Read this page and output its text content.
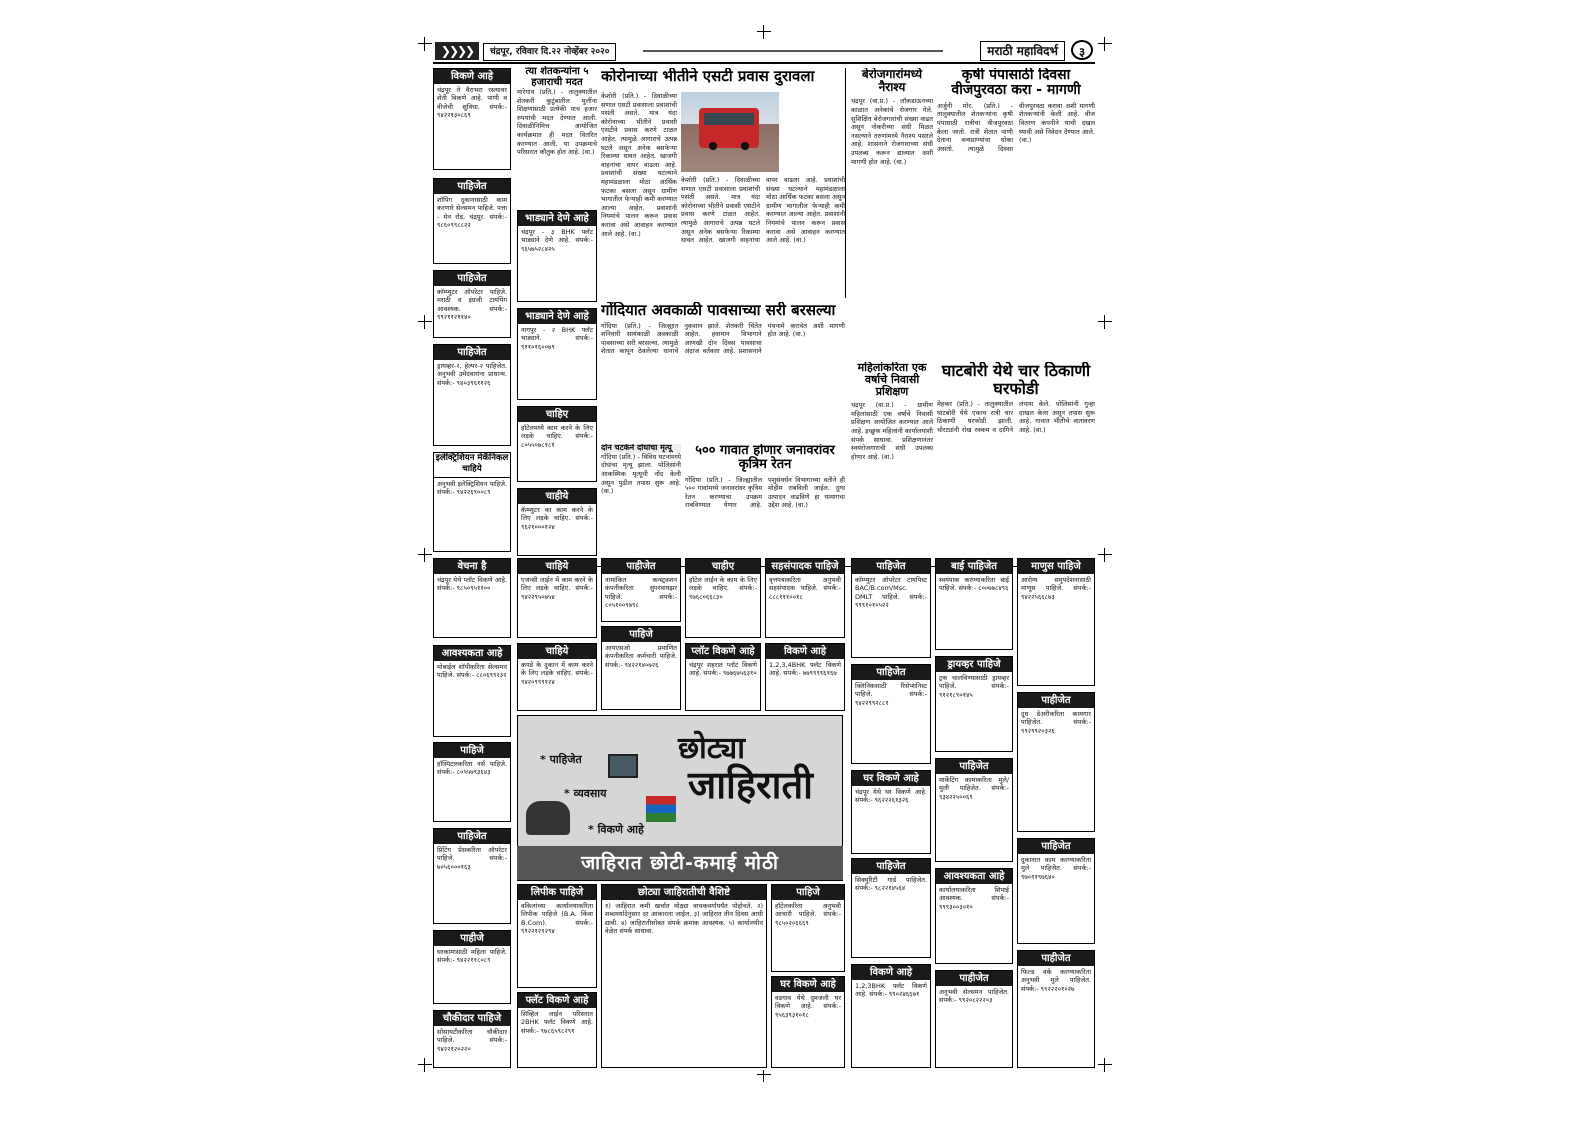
❯❯❯❯	चंद्रपूर, रविवार दि.२२ नोव्हेंबर २०२०	मराठी महाविदर्भ	३
विकणे आहे
चंद्रपूर ते वैराभरा रस्त्यावर शेती विकणे आहे. पाणी व वीजेची सुविधा. संपर्क:- ९४२२१३०८६९
पाहिजेत
शॉपिंग दुकानासाठी काम करणारे सेल्समन पाहिजे. पत्ता - मेन रोड, चंद्रपूर. संपर्क:- ९८६०९९८८२२
पाहिजेत
कॉम्प्युटर ऑपरेटर पाहिजे. मराठी व इंग्रजी टायपिंग आवश्यक. संपर्क:- ९९२११२११४०
पाहिजेत
ड्रायव्हर-२, हेल्पर-२ पाहिजेत. अनुभवी उमेदवारांना प्राधान्य. संपर्क:- ९४०३९६११२६
इलेक्ट्रिशियन मेकॅनिकल चाहिये
अनुभवी इलेक्ट्रिशियन पाहिजे. संपर्क:- ९४२२६९००८९
वेचना है
चंद्रपूर येथे प्लॉट विकणे आहे. संपर्क:- ९८५०९५११००
आवश्यकता आहे
मोबाईल शॉपीकरिता सेल्समन पाहिजे. संपर्क:- ८८०६९९२३२
पाहिजे
हॉस्पिटलकरिता नर्स पाहिजे. संपर्क:- ८०५५७९३६४३
पाहिजेत
प्रिंटिंग प्रेसकरिता ऑपरेटर पाहिजे. संपर्क:- ७०५६०००१६३
पाहीजे
घरकामासाठी महिला पाहिजे. संपर्क:- ९४२२११८०८९
चौकीदार पाहिजे
सोसायटीकरिता चौकीदार पाहिजे. संपर्क:- ९४२२१२०२२०
त्या शेतकन्यांना ५ हजाराची मदत
मारेगाव (प्रति.) - तालुक्यातील शेतकरी कुटुंबातील मुलींना शिक्षणासाठी प्रत्येकी पाच हजार रुपयांची मदत देण्यात आली. दिवाळीनिमित्त आयोजित कार्यक्रमात ही मदत वितरित करण्यात आली. या उपक्रमाचे परिसरात कौतुक होत आहे. (वा.)
भाड्याने देणे आहे
चंद्रपूर - ३ BHK फ्लॅट भाड्याने देणे आहे. संपर्क:- ९६५७५२८४२५
भाड्याने देणे आहे
नागपूर - २ BHK फ्लॅट भाड्याने. संपर्क:- ९११०१६००७९
चाहिए
हॉटेलमध्ये काम करने के लिए लड़के चाहिए. संपर्क:- ८०५५०७८१८१
चाहीये
कॅम्प्युटर का काम करने के लिए लड़के चाहिए. संपर्क:- ९६२१०००१२४
कोरोनाच्या भीतीने एसटी प्रवास दुरावला
केशोरी (प्रति.) - दिवाळीच्या सणात एसटी प्रवासाला प्रवाशांची पसंती असते. मात्र यंदा कोरोनाच्या भीतीने प्रवासी एसटीने प्रवास करणे टाळत आहेत. त्यामुळे आगाराचे उत्पन्न घटले असून अनेक बसफेऱ्या रिकाम्या धावत आहेत. खाजगी वाहनांचा वापर वाढला आहे. प्रवाशांची संख्या घटल्याने महामंडळाला मोठा आर्थिक फटका बसला असून ग्रामीण भागातील फेऱ्याही कमी करण्यात आल्या आहेत. प्रवाशांनी नियमांचे पालन करून प्रवास करावा असे आवाहन करण्यात आले आहे. (वा.)
केशोरी (प्रति.) - दिवाळीच्या सणात एसटी प्रवासाला प्रवाशांची पसंती असते. मात्र यंदा कोरोनाच्या भीतीने प्रवासी एसटीने प्रवास करणे टाळत आहेत. त्यामुळे आगाराचे उत्पन्न घटले असून अनेक बसफेऱ्या रिकाम्या धावत आहेत. खाजगी वाहनांचा वापर वाढला आहे. प्रवाशांची संख्या घटल्याने महामंडळाला मोठा आर्थिक फटका बसला असून ग्रामीण भागातील फेऱ्याही कमी करण्यात आल्या आहेत. प्रवाशांनी नियमांचे पालन करून प्रवास करावा असे आवाहन करण्यात आले आहे. (वा.)
गोंदियात अवकाळी पावसाच्या सरी बरसल्या
गोंदिया (प्रति.) - जिल्ह्यात शनिवारी सायंकाळी अवकाळी पावसाच्या सरी बरसल्या. त्यामुळे शेतात कापून ठेवलेल्या धानाचे नुकसान झाले. शेतकरी चिंतेत आहेत. हवामान विभागाने आणखी दोन दिवस पावसाचा अंदाज वर्तवला आहे. प्रशासनाने पंचनामे करावेत अशी मागणी होत आहे. (वा.)
दोन चटकेने दोघांचा मृत्यू
गोंदिया (प्रति.) - विविध घटनांमध्ये दोघांचा मृत्यू झाला. पोलिसांनी आकस्मिक मृत्यूची नोंद केली असून पुढील तपास सुरू आहे. (वा.)
५०० गावात होणार जनावरांवर कृत्रिम रेतन
गोंदिया (प्रति.) - जिल्ह्यातील ५०० गावांमध्ये जनावरांवर कृत्रिम रेतन करण्याचा उपक्रम राबविण्यात येणार आहे. पशुसंवर्धन विभागाच्या वतीने ही मोहीम राबविली जाईल. दुग्ध उत्पादन वाढविणे हा यामागचा उद्देश आहे. (वा.)
बेरोजगारांमध्ये नैराश्य
चंद्रपूर (वा.प्र.) - लॉकडाऊनच्या काळात अनेकांचे रोजगार गेले. सुशिक्षित बेरोजगारांची संख्या वाढत असून नोकरीच्या संधी मिळत नसल्याने तरुणांमध्ये नैराश्य पसरले आहे. शासनाने रोजगाराच्या संधी उपलब्ध करून द्याव्यात अशी मागणी होत आहे. (वा.)
कृषी पंपासाठी दिवसा वीजपुरवठा करा - मागणी
अर्जुनी मोर. (प्रति.) - तालुक्यातील शेतकऱ्यांना कृषी पंपासाठी रात्रीचा वीजपुरवठा केला जातो. रात्री शेतात पाणी देताना वन्यप्राण्यांचा धोका असतो. त्यामुळे दिवसा वीजपुरवठा करावा अशी मागणी शेतकऱ्यांनी केली आहे. वीज वितरण कंपनीने याची दखल घ्यावी असे निवेदन देण्यात आले. (वा.)
महिलांकरिता एक वर्षाचे निवासी प्रशिक्षण
चंद्रपूर (वा.प्र.) - ग्रामीण महिलांसाठी एक वर्षाचे निवासी प्रशिक्षण आयोजित करण्यात आले आहे. इच्छुक महिलांनी कार्यालयाशी संपर्क साधावा. प्रशिक्षणानंतर स्वयंरोजगाराची संधी उपलब्ध होणार आहे. (वा.)
घाटबोरी येथे चार ठिकाणी घरफोडी
मेहकर (प्रति.) - तालुक्यातील घाटबोरी येथे एकाच रात्री चार ठिकाणी घरफोडी झाली. चोरट्यांनी रोख रक्कम व दागिने लंपास केले. पोलिसांनी गुन्हा दाखल केला असून तपास सुरू आहे. गावात भीतीचे वातावरण आहे. (वा.)
चाहिये
एजन्सी लाईन में काम करने के लिए लड़के चाहिए. संपर्क:- ९४२२९५०७५४
चाहिये
कपडे के दुकान में काम करने के लिए लड़के चाहिए. संपर्क:- ९४२०९९९१२४
पाहीजेत
नामांकित कन्स्ट्रक्शन कंपनीकरिता सुपरवायझर पाहिजे. संपर्क:- ८०५१००९७९८
पाहिजे
आयएसओ प्रमाणित कंपनीकरिता कर्मचारी पाहिजे. संपर्क:- ९४२२१४०७२६
चाहीए
हॉटेल लाईन के काम के लिए लड़के चाहिए. संपर्क:- ९७६८०६६८३०
प्लॉट विकणे आहे
चंद्रपूर शहरात प्लॉट विकणे आहे. संपर्क:- ९७७६७५६३१०
सहसंपादक पाहिजे
वृत्तपत्राकरिता अनुभवी सहसंपादक पाहिजे. संपर्क:- ८८८१११००१८
विकणे आहे
1,2,3,4BHK फ्लॅट विकणे आहे. संपर्क:- ७७९९९९६१६७
छोट्या
जाहिराती
* पाहिजेत
* व्यवसाय
* विकणे आहे
जाहिरात छोटी-कमाई मोठी
लिपीक पाहिजे
वकिलांच्या कार्यालयाकरिता लिपीक पाहिजे (B.A. किंवा B.Com). संपर्क:- ९९२२१२९२९४
फ्लॅट विकणे आहे
सिव्हिल लाईन परिसरात 2BHK फ्लॅट विकणे आहे. संपर्क:- ९७८६५९८२९१
छोट्या जाहिरातीची वैशिष्टे
१) जाहिरात कमी खर्चात मोठ्या वाचकवर्गापर्यंत पोहोचते. २) शब्दमर्यादेनुसार दर आकारला जाईल. ३) जाहिरात तीन दिवस आधी द्यावी. ४) जाहिरातीसोबत संपर्क क्रमांक आवश्यक. ५) कार्यालयीन वेळेत संपर्क साधावा.
पाहिजे
हॉटेलकरिता अनुभवी आचारी पाहिजे. संपर्क:- ९८५०२०६६६९
घर विकणे आहे
वडगाव येथे दुमजली घर विकणे आहे. संपर्क:- ९५६३९३१०१८
पाहिजेत
कॉम्प्युटर ऑपरेटर टायपिस्ट BAC/B.com/Msc. DMLT पाहिजे. संपर्क:- ९९९१०१०५२२
पाहिजेत
क्लिनिकसाठी रिसेप्शनिस्ट पाहिजे. संपर्क:- ९४२२९९२८८१
घर विकणे आहे
चंद्रपूर येथे घर विकणे आहे. संपर्क:- ९६२२२६१३२६
पाहिजेत
सिक्युरिटी गार्ड पाहिजेत. संपर्क:- ९८२२१४५६४
विकणे आहे
1,2,3BHK फ्लॅट विकणे आहे. संपर्क:- ९९०२४६६७१
बाई पाहिजेत
स्वयंपाक करण्याकरिता बाई पाहिजे. संपर्क:- ८००७७८४९६
ड्रायव्हर पाहिजे
ट्रक चालविण्यासाठी ड्रायव्हर पाहिजे. संपर्क:- ९१२१८९०१४५
पाहिजेत
मार्केटिंग कामाकरिता मुले/मुली पाहिजेत. संपर्क:- ९३४२२५००६९
आवश्यकता आहे
कार्यालयाकरिता शिपाई आवश्यक. संपर्क:- ९९९३००३०१०
पाहीजेत
अनुभवी सेल्समन पाहिजेत. संपर्क:- ९९२०८२२२०३
माणुस पाहिजे
आरोग्य समुपदेशनासाठी माणूस पाहिजे. संपर्क:- ९४२२५६६८७३
पाहीजेत
दूध डेअरीकरिता कामगार पाहिजेत. संपर्क:- ९९२९९२०३२६
पाहिजेत
दुकानात काम करण्याकरिता मुले पाहिजेत. संपर्क:- ९७०९१९७६४०
पाहीजेत
फिल्ड वर्क करण्याकरिता अनुभवी मुले पाहिजेत. संपर्क:- ९९२२२०१०२७
